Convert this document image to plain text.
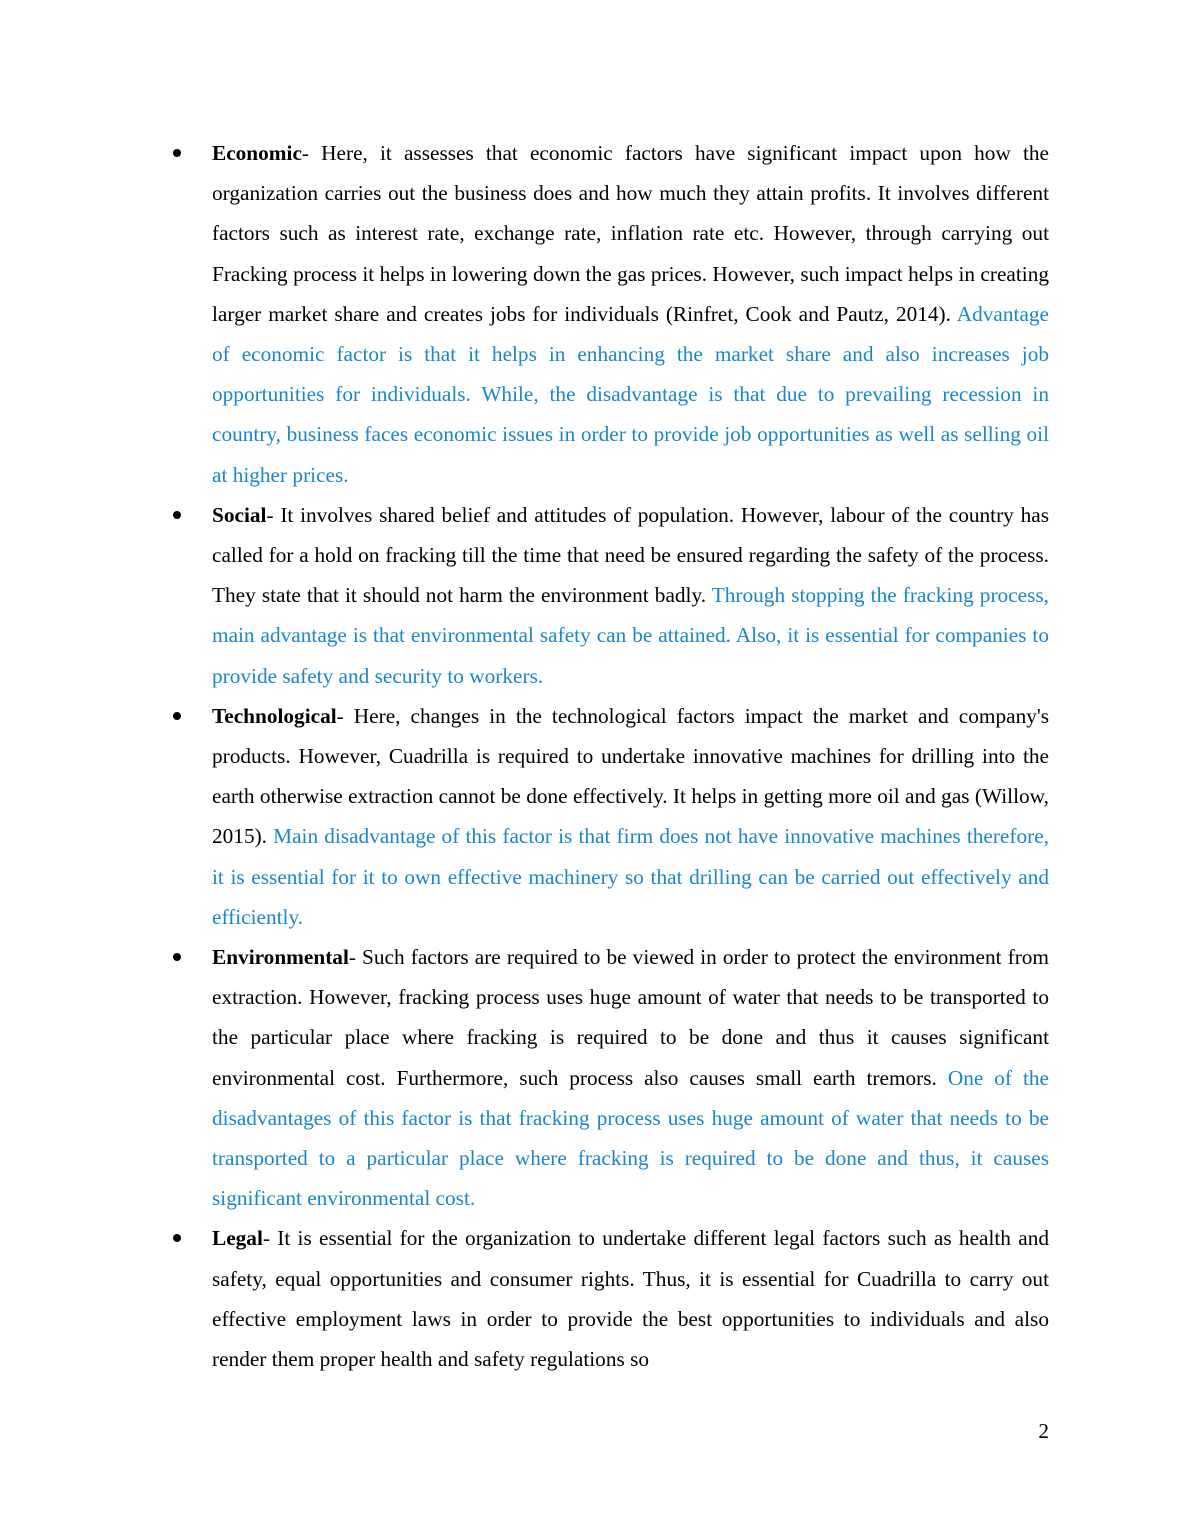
Economic- Here, it assesses that economic factors have significant impact upon how the organization carries out the business does and how much they attain profits. It involves different factors such as interest rate, exchange rate, inflation rate etc. However, through carrying out Fracking process it helps in lowering down the gas prices. However, such impact helps in creating larger market share and creates jobs for individuals (Rinfret, Cook and Pautz, 2014). Advantage of economic factor is that it helps in enhancing the market share and also increases job opportunities for individuals. While, the disadvantage is that due to prevailing recession in country, business faces economic issues in order to provide job opportunities as well as selling oil at higher prices.
Social- It involves shared belief and attitudes of population. However, labour of the country has called for a hold on fracking till the time that need be ensured regarding the safety of the process. They state that it should not harm the environment badly. Through stopping the fracking process, main advantage is that environmental safety can be attained. Also, it is essential for companies to provide safety and security to workers.
Technological- Here, changes in the technological factors impact the market and company's products. However, Cuadrilla is required to undertake innovative machines for drilling into the earth otherwise extraction cannot be done effectively. It helps in getting more oil and gas (Willow, 2015). Main disadvantage of this factor is that firm does not have innovative machines therefore, it is essential for it to own effective machinery so that drilling can be carried out effectively and efficiently.
Environmental- Such factors are required to be viewed in order to protect the environment from extraction. However, fracking process uses huge amount of water that needs to be transported to the particular place where fracking is required to be done and thus it causes significant environmental cost. Furthermore, such process also causes small earth tremors. One of the disadvantages of this factor is that fracking process uses huge amount of water that needs to be transported to a particular place where fracking is required to be done and thus, it causes significant environmental cost.
Legal- It is essential for the organization to undertake different legal factors such as health and safety, equal opportunities and consumer rights. Thus, it is essential for Cuadrilla to carry out effective employment laws in order to provide the best opportunities to individuals and also render them proper health and safety regulations so
2
